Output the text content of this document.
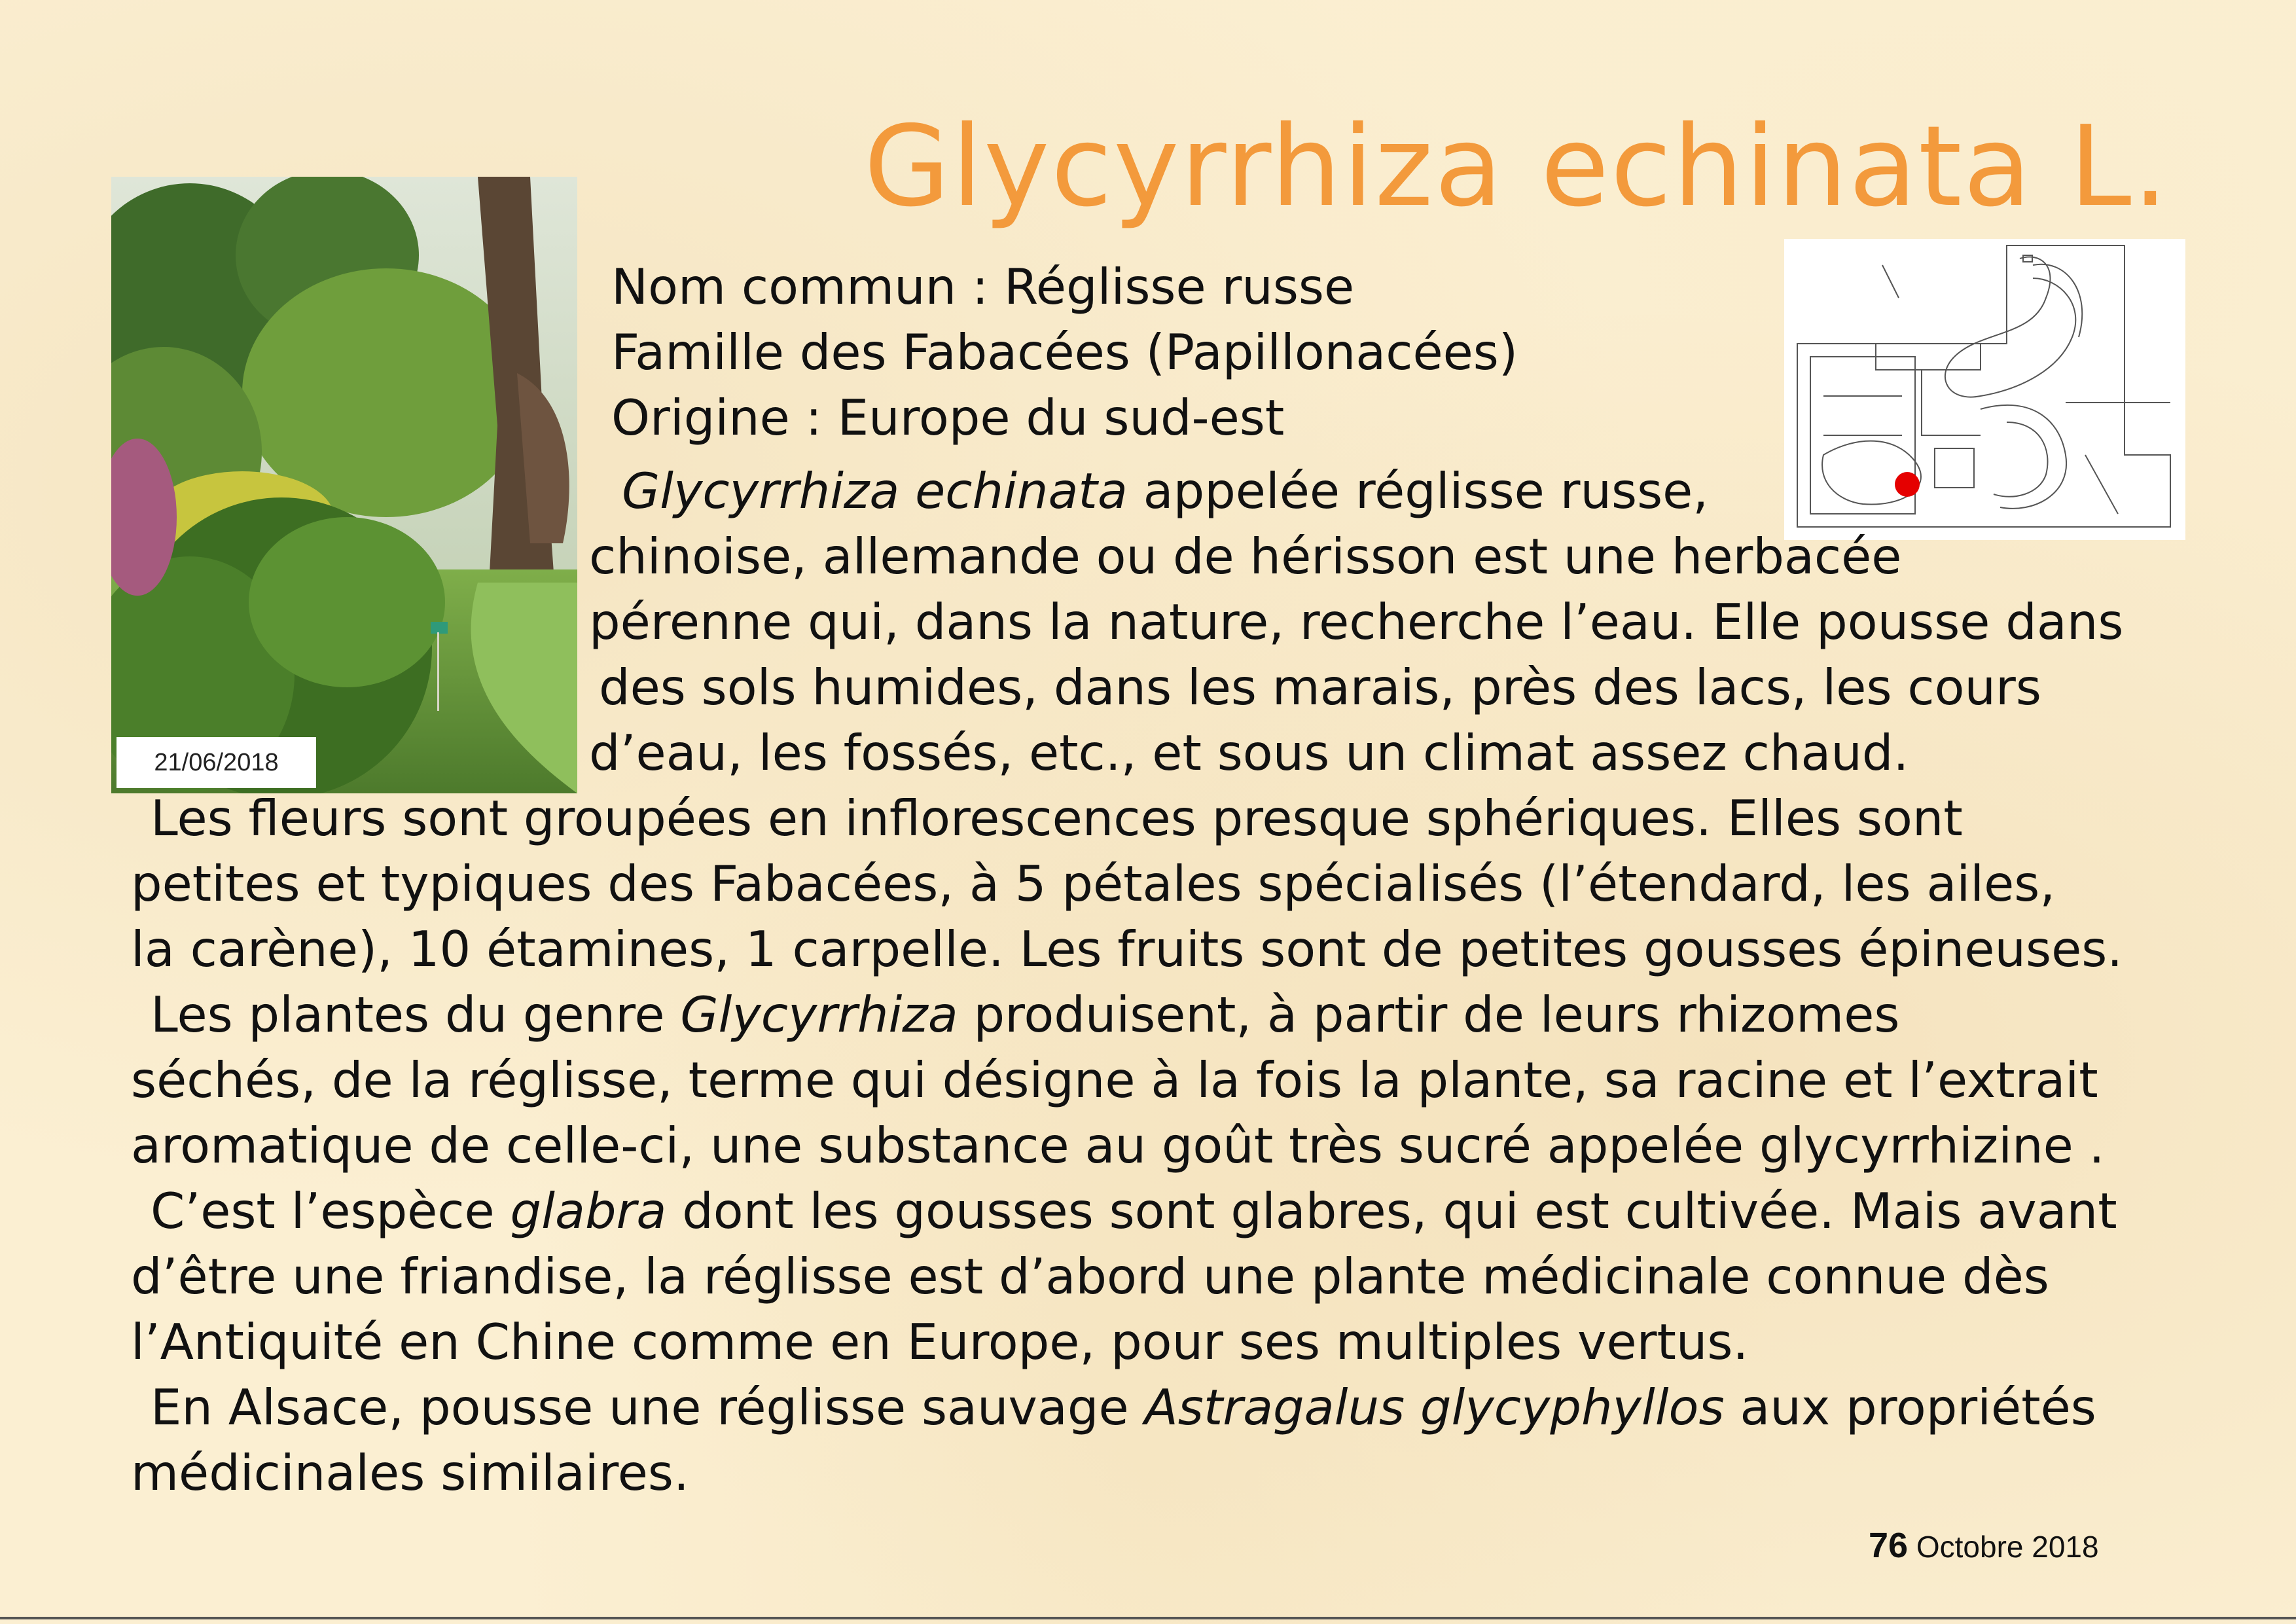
Glycyrrhiza echinata L.
21/06/2018
Nom commun : Réglisse russe
Famille des Fabacées (Papillonacées)
Origine : Europe du sud-est
Glycyrrhiza echinata appelée réglisse russe,
chinoise, allemande ou de hérisson est une herbacée
pérenne qui, dans la nature, recherche l’eau. Elle pousse dans
des sols humides, dans les marais, près des lacs, les cours
d’eau, les fossés, etc., et sous un climat assez chaud.
Les fleurs sont groupées en inflorescences presque sphériques. Elles sont
petites et typiques des Fabacées, à 5 pétales spécialisés (l’étendard, les ailes,
la carène), 10 étamines, 1 carpelle. Les fruits sont de petites gousses épineuses.
Les plantes du genre Glycyrrhiza produisent, à partir de leurs rhizomes
séchés, de la réglisse, terme qui désigne à la fois la plante, sa racine et l’extrait
aromatique de celle-ci, une substance au goût très sucré appelée glycyrrhizine .
C’est l’espèce glabra dont les gousses sont glabres, qui est cultivée. Mais avant
d’être une friandise, la réglisse est d’abord une plante médicinale connue dès
l’Antiquité en Chine comme en Europe, pour ses multiples vertus.
En Alsace, pousse une réglisse sauvage Astragalus glycyphyllos aux propriétés
médicinales similaires.
76 Octobre 2018
